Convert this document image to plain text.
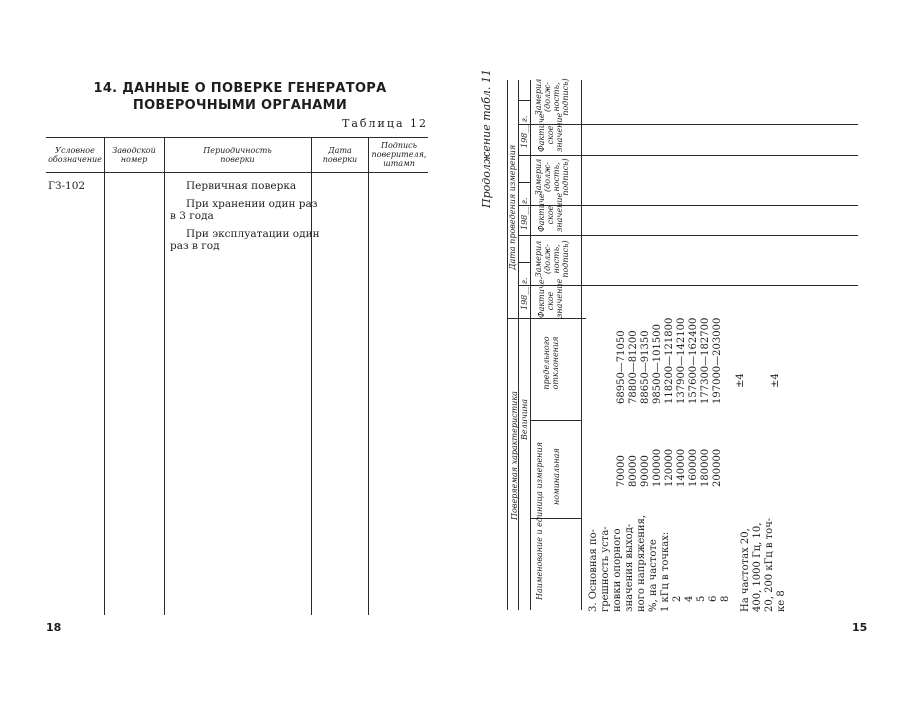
14. ДАННЫЕ О ПОВЕРКЕ ГЕНЕРАТОРА
ПОВЕРОЧНЫМИ ОРГАНАМИ
Таблица 12
Условное обозначение
Заводской номер
Периодичность поверки
Дата поверки
Подпись поверителя, штамп
ГЗ-102	Первичная поверка
При хранении один раз
в 3 года
При эксплуатации один
раз в год
18
Продолжение табл. 11
Поверяемая характеристика Величина
Дата проведения измерения
Наименование и единица измерения номинальная
предельного отклонения
198__ г.
198__ г.
198__ г.
Фактиче- ское значение
Замерил (долж- ность, подпись)
Фактиче- ское значение
Замерил (долж- ность, подпись)
Фактиче- ское значение
Замерил (долж- ность, подпись)
3. Основная по- грешность уста- новки опорного значения выход- ного напряжения, %, на частоте 1 кГц в точках: 2 4 5 6 8 На частотах 20, 400, 1000 Гц, 10, 20, 200 кГц в точ- ке 8
70000 80000 90000 100000 120000 140000 160000 180000 200000
68950—71050 78800—81200 88650—91350 98500—101500 118200—121800 137900—142100 157600—162400 177300—182700 197000—203000 ±4 ±4
15
